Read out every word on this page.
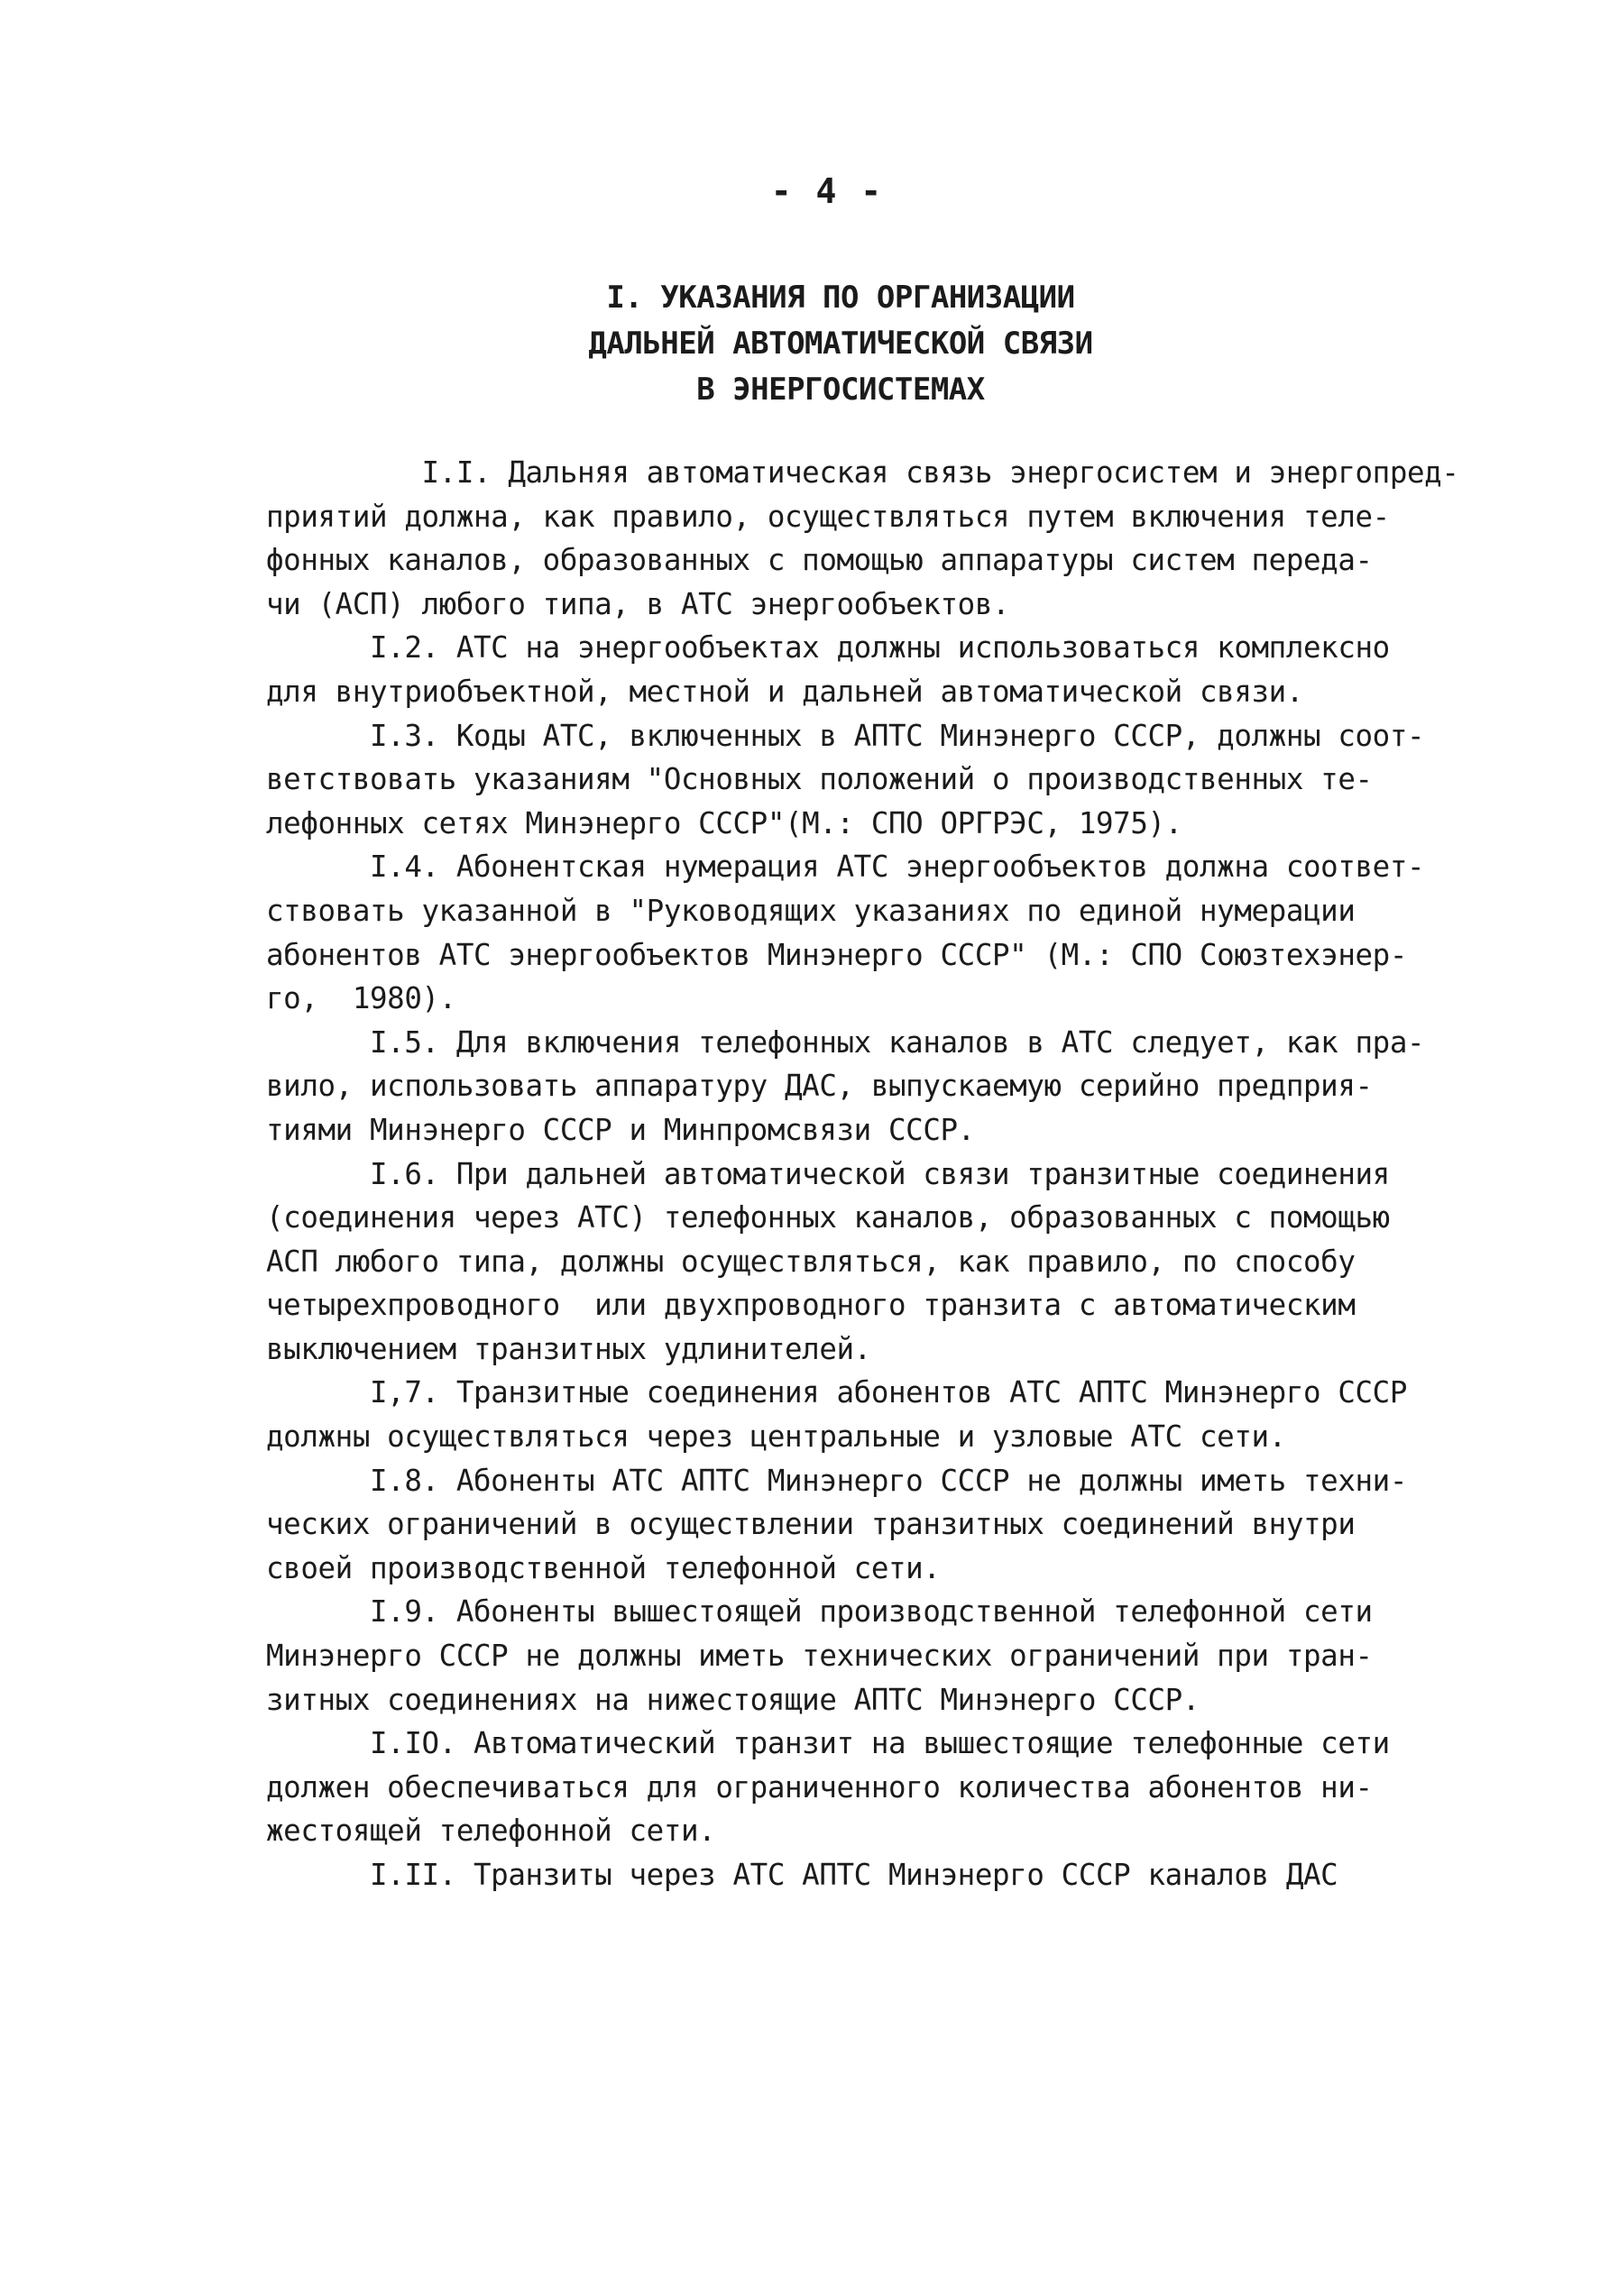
- 4 -
I. УКАЗАНИЯ ПО ОРГАНИЗАЦИИ
ДАЛЬНЕЙ АВТОМАТИЧЕСКОЙ СВЯЗИ
В ЭНЕРГОСИСТЕМАХ
I.I. Дальняя автоматическая связь энергосистем и энергопред-
приятий должна, как правило, осуществляться путем включения теле-
фонных каналов, образованных с помощью аппаратуры систем переда-
чи (АСП) любого типа, в АТС энергообъектов.
I.2. АТС на энергообъектах должны использоваться комплексно
для внутриобъектной, местной и дальней автоматической связи.
I.3. Коды АТС, включенных в АПТС Минэнерго СССР, должны соот-
ветствовать указаниям "Основных положений о производственных те-
лефонных сетях Минэнерго СССР"(М.: СПО ОРГРЭС, 1975).
I.4. Абонентская нумерация АТС энергообъектов должна соответ-
ствовать указанной в "Руководящих указаниях по единой нумерации
абонентов АТС энергообъектов Минэнерго СССР" (М.: СПО Союзтехэнер-
го,  1980).
I.5. Для включения телефонных каналов в АТС следует, как пра-
вило, использовать аппаратуру ДАС, выпускаемую серийно предприя-
тиями Минэнерго СССР и Минпромсвязи СССР.
I.6. При дальней автоматической связи транзитные соединения
(соединения через АТС) телефонных каналов, образованных с помощью
АСП любого типа, должны осуществляться, как правило, по способу
четырехпроводного  или двухпроводного транзита с автоматическим
выключением транзитных удлинителей.
I,7. Транзитные соединения абонентов АТС АПТС Минэнерго СССР
должны осуществляться через центральные и узловые АТС сети.
I.8. Абоненты АТС АПТС Минэнерго СССР не должны иметь техни-
ческих ограничений в осуществлении транзитных соединений внутри
своей производственной телефонной сети.
I.9. Абоненты вышестоящей производственной телефонной сети
Минэнерго СССР не должны иметь технических ограничений при тран-
зитных соединениях на нижестоящие АПТС Минэнерго СССР.
I.IO. Автоматический транзит на вышестоящие телефонные сети
должен обеспечиваться для ограниченного количества абонентов ни-
жестоящей телефонной сети.
I.II. Транзиты через АТС АПТС Минэнерго СССР каналов ДАС
